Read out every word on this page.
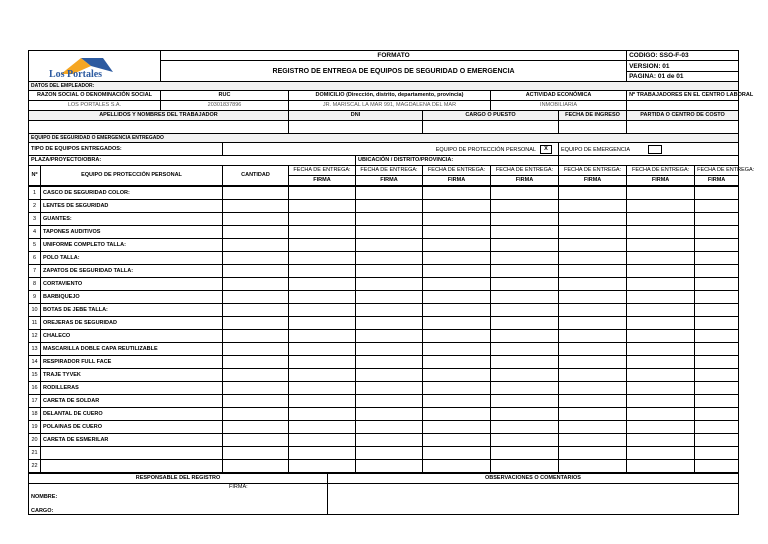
Los Portales		FORMATO							CODIGO: SSO-F-03	
		REGISTRO DE ENTREGA DE EQUIPOS DE SEGURIDAD O EMERGENCIA							VERSION: 01	
									PAGINA: 01 de 01	
DATOS DEL EMPLEADOR:										
RAZON SOCIAL O DENOMINACIÓN SOCIAL		RUC		DOMICILIO (Dirección, distrito, departamento, provincia)			ACTIVIDAD ECONÓMICA		Nº TRABAJADORES EN EL CENTRO LABORAL	
LOS PORTALES S.A.		20301837896		JR. MARISCAL LA MAR 991, MAGDALENA DEL MAR			INMOBILIARIA			
APELLIDOS Y NOMBRES DEL TRABAJADOR				DNI		CARGO O PUESTO		FECHA DE INGRESO	PARTIDA O CENTRO DE COSTO	

EQUIPO DE SEGURIDAD O EMERGENCIA ENTREGADO										
TIPO DE EQUIPOS ENTREGADOS:			EQUIPO DE PROTECCIÓN PERSONAL X					EQUIPO DE EMERGENCIA		
PLAZA/PROYECTO/OBRA:					UBICACIÓN / DISTRITO/PROVINCIA:					
Nº	EQUIPO DE PROTECCIÓN PERSONAL		CANTIDAD	FECHA DE ENTREGA:	FECHA DE ENTREGA:	FECHA DE ENTREGA:	FECHA DE ENTREGA:	FECHA DE ENTREGA:	FECHA DE ENTREGA:	FECHA DE ENTREGA:
				FIRMA	FIRMA	FIRMA	FIRMA	FIRMA	FIRMA	FIRMA
1	CASCO DE SEGURIDAD COLOR:								
2	LENTES DE SEGURIDAD								
3	GUANTES:								
4	TAPONES AUDITIVOS								
5	UNIFORME COMPLETO TALLA:								
6	POLO TALLA:								
7	ZAPATOS DE SEGURIDAD TALLA:								
8	CORTAVIENTO								
9	BARBIQUEJO								
10	BOTAS DE JEBE TALLA:								
11	OREJERAS DE SEGURIDAD								
12	CHALECO								
13	MASCARILLA DOBLE CAPA REUTILIZABLE								
14	RESPIRADOR FULL FACE								
15	TRAJE TYVEK								
16	RODILLERAS								
17	CARETA DE SOLDAR								
18	DELANTAL DE CUERO								
19	POLAINAS DE CUERO								
20	CARETA DE ESMERILAR								
21									
22									
RESPONSABLE DEL REGISTRO	OBSERVACIONES O COMENTARIOS

FIRMA:
NOMBRE:
CARGO:	
